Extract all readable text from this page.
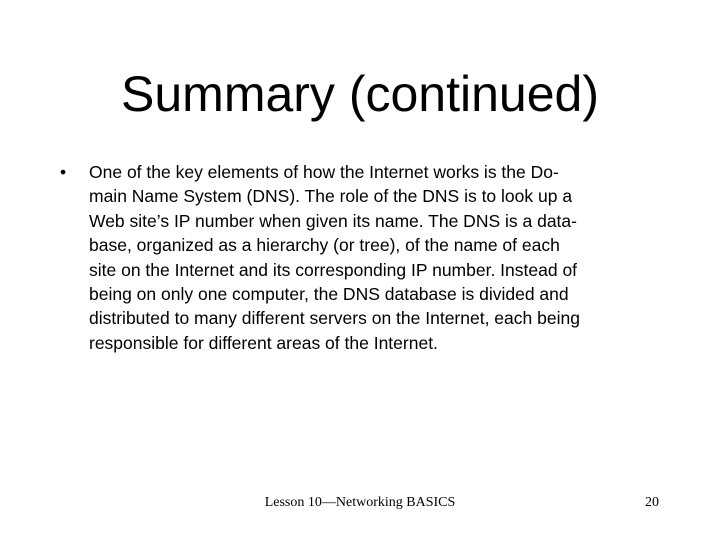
Summary (continued)
• One of the key elements of how the Internet works is the Do-
main Name System (DNS). The role of the DNS is to look up a
Web site’s IP number when given its name. The DNS is a data-
base, organized as a hierarchy (or tree), of the name of each
site on the Internet and its corresponding IP number. Instead of
being on only one computer, the DNS database is divided and
distributed to many different servers on the Internet, each being
responsible for different areas of the Internet.
Lesson 10—Networking BASICS	20
